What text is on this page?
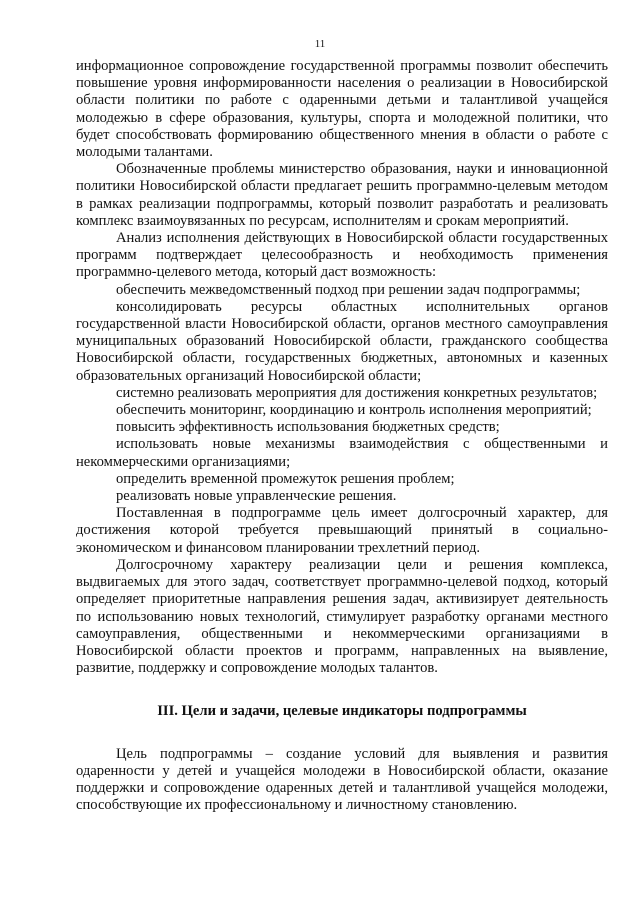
11

информационное сопровождение государственной программы позволит обеспечить повышение уровня информированности населения о реализации в Новосибирской области политики по работе с одаренными детьми и талантливой учащейся молодежью в сфере образования, культуры, спорта и молодежной политики, что будет способствовать формированию общественного мнения в области о работе с молодыми талантами.

Обозначенные проблемы министерство образования, науки и инновационной политики Новосибирской области предлагает решить программно-целевым методом в рамках реализации подпрограммы, который позволит разработать и реализовать комплекс взаимоувязанных по ресурсам, исполнителям и срокам мероприятий.

Анализ исполнения действующих в Новосибирской области государственных программ подтверждает целесообразность и необходимость применения программно-целевого метода, который даст возможность:

обеспечить межведомственный подход при решении задач подпрограммы;

консолидировать ресурсы областных исполнительных органов государственной власти Новосибирской области, органов местного самоуправления муниципальных образований Новосибирской области, гражданского сообщества Новосибирской области, государственных бюджетных, автономных и казенных образовательных организаций Новосибирской области;

системно реализовать мероприятия для достижения конкретных результатов;

обеспечить мониторинг, координацию и контроль исполнения мероприятий;

повысить эффективность использования бюджетных средств;

использовать новые механизмы взаимодействия с общественными и некоммерческими организациями;

определить временной промежуток решения проблем;

реализовать новые управленческие решения.

Поставленная в подпрограмме цель имеет долгосрочный характер, для достижения которой требуется превышающий принятый в социально-экономическом и финансовом планировании трехлетний период.

Долгосрочному характеру реализации цели и решения комплекса, выдвигаемых для этого задач, соответствует программно-целевой подход, который определяет приоритетные направления решения задач, активизирует деятельность по использованию новых технологий, стимулирует разработку органами местного самоуправления, общественными и некоммерческими организациями в Новосибирской области проектов и программ, направленных на выявление, развитие, поддержку и сопровождение молодых талантов.

III. Цели и задачи, целевые индикаторы подпрограммы

Цель подпрограммы – создание условий для выявления и развития одаренности у детей и учащейся молодежи в Новосибирской области, оказание поддержки и сопровождение одаренных детей и талантливой учащейся молодежи, способствующие их профессиональному и личностному становлению.
